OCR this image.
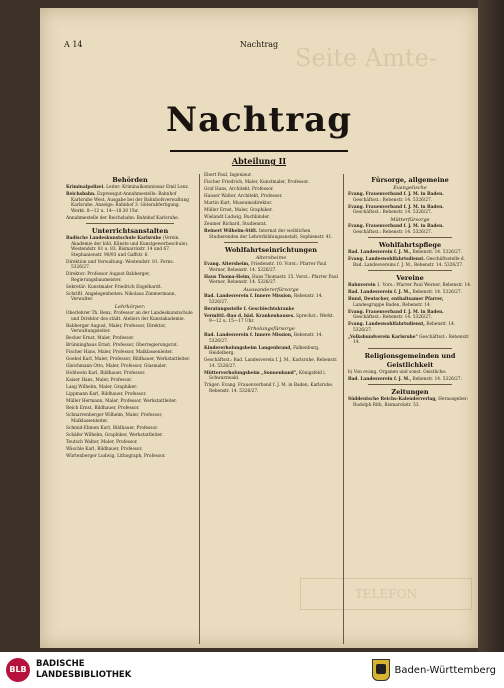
Seite Amte-
TELEFON
A 14	Nachtrag
Nachtrag
Abteilung II
Behörden
Kriminalpolizei. Leiter: Kriminalkommissar Emil Lenz.
Reichsbahn. Expressgut-Annahmestelle: Bahnhof Karlsruhe West, Ausgabe bei der Bahnhofsverwaltung Karlsruhe, Anzeige: Bahnhof 3. Güterabfertigung. Werkt. 8—12 u. 14—18.30 Uhr.
Annahmestelle der Reichsbahn: Bahnhof Karlsruhe.
Unterrichtsanstalten
Badische Landeskunstschule Karlsruhe (Verein. Akademie der bild. Künste und Kunstgewerbeschule). Westendstr. 81 u. 83, Bismarckstr. 14 und 67. Stephanienstr. 90/93 und Gaffstr. 6.
Direktion und Verwaltung: Westendstr. 81. Ferns. 5326/27.
Direktor: Professor August Babberger, Regierungsbaumeister.
Sekretär: Kunstmaler Friedrich Engelhardt.
Schriftl. Angelegenheiten: Nikolaus Zimmermann, Verwalter.
Lehrkörper:
Oberlehrer Th. Benz, Professor an der Landeskunstschule und Direktor des städt. Ateliers der Kunstakademie.
Babberger August, Maler, Professor, Direktor, Verwaltungsleiter.
Becker Ernst, Maler, Professor.
Brünninghaus Ernst, Professor, Oberregierungsrat.
Fischer Hans, Maler, Professor, Malklassenleiter.
Goebel Karl, Maler, Professor, Bildhauer, Werkstattleiter.
Gleichmann Otto, Maler, Professor, Glasmaler.
Hohlwein Karl, Bildhauer, Professor.
Kaiser Hans, Maler, Professor.
Lang Wilhelm, Maler, Graphiker.
Lippmann Karl, Bildhauer, Professor.
Müller Hermann, Maler, Professor, Werkstattleiter.
Reich Ernst, Bildhauer, Professor.
Schnarrenberger Wilhelm, Maler, Professor, Malklassenleiter.
Schmid-Ehmen Kurt, Bildhauer, Professor.
Schäfer Wilhelm, Graphiker, Werkstattleiter.
Teutsch Walter, Maler, Professor.
Wäschle Karl, Bildhauer, Professor.
Würtenberger Ludwig, Lithograph, Professor.
Ebert Paul, Ingenieur.
Fischer Friedrich, Maler, Kunstmaler, Professor.
Graf Hans, Architekt, Professor.
Hauser Walter, Architekt, Professor.
Martin Kurt, Museumsdirektor.
Müller Ernst, Maler, Graphiker.
Wielandt Ludwig, Buchbinder.
Zeumer Richard, Studienrat.
Reinert Wilhelm-Stift. Internat der weiblichen Studierenden der Lehrerbildungsanstalt, Sophienstr. 41.
Wohlfahrtseinrichtungen
Altersheime
Evang. Altersheim, Friedenstr. 10. Vorst.: Pfarrer Paul Werner, Rebenstr. 14. 5326/27.
Haus Thoma-Heim, Hans Thomastr. 15. Vorst.: Pfarrer Paul Werner, Rebenstr. 14. 5326/27.
Auswandererfürsorge
Bad. Landesverein f. Innere Mission, Rebenstr. 14. 5326/27.
Beratungsstelle f. Geschlechtskranke
Vermittl.-Bau d. bäd. Krankenhauses. Sprechst.: Werkt. 9—12 u. 15—17 Uhr.
Erholungsfürsorge
Bad. Landesverein f. Innere Mission, Rebenstr. 14. 5326/27.
Kindererholungsheim Langenbrand, Falkenburg, Heidelberg.
Geschäftsst.: Bad. Landesverein f. J. M., Karlsruhe, Rebenstr. 14. 5326/27.
Mütterverholungsheim „Sonnenhand", Königsfeld i. Schwarzwald.
Träger: Evang. Frauenverband f. J. M. in Baden, Karlsruhe, Rebenstr. 14. 5326/27.
Fürsorge, allgemeine
Evangelische
Evang. Frauenverband f. J. M. in Baden. Geschäftsst.: Rebenstr. 14. 5326/27.
Evang. Frauenverband f. J. M. in Baden. Geschäftsst.: Rebenstr. 14. 5326/27.
Mütterfürsorge
Evang. Frauenverband f. J. M. in Baden. Geschäftsst.: Rebenstr. 14. 5326/27.
Wohlfahrtspflege
Bad. Landesverein f. J. M., Rebenstr. 14. 5326/27.
Evang. Landeswohlfahrtsdienst. Geschäftsstelle d. Bad. Landesvereins f. J. M., Rebenstr. 14. 5326/27.
Vereine
Bahnverein 1. Vors.: Pfarrer Paul Werner, Rebenstr. 14.
Bad. Landesverein f. J. M., Rebenstr. 14. 5326/27.
Bund, Deutscher, enthaltsamer Pfarrer, Landesgruppe Baden, Rebenstr. 14.
Evang. Frauenverband f. J. M. in Baden. Geschäftsst.: Rebenstr. 14. 5326/27.
Evang. Landeswohlfahrtsdienst, Rebenstr. 14. 5326/27.
„Volksbundverein Karlsruhe" Geschäftsst.: Rebenstr. 14.
Religionsgemeinden und Geistlichkeit
b) Von evang. Organen und sonst. Geistliche:
Bad. Landesverein f. J. M., Rebenstr. 14. 5326/27.
Zeitungen
Süddeutsche Reichs-Kalenderverlag, Herausgeber: Rudolph Rith, Bismarckstr. 53.
BLB
BADISCHE
LANDESBIBLIOTHEK	Baden-Württemberg
